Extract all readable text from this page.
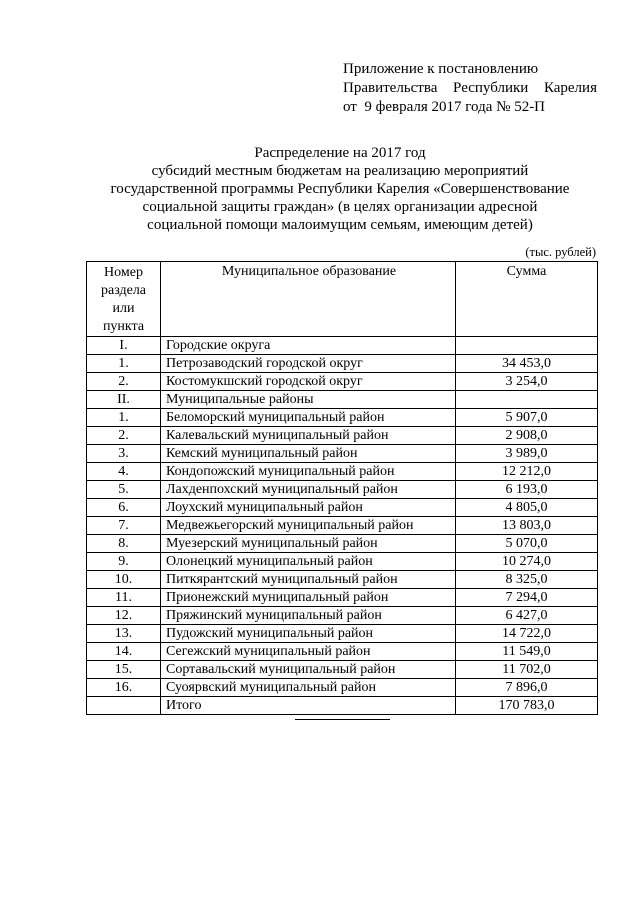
Приложение к постановлению
Правительства Республики Карелия
от  9 февраля 2017 года № 52-П
Распределение на 2017 год
субсидий местным бюджетам на реализацию мероприятий
государственной программы Республики Карелия «Совершенствование
социальной защиты граждан» (в целях организации адресной
социальной помощи малоимущим семьям, имеющим детей)
(тыс. рублей)
Номер
раздела
или
пункта	Муниципальное образование	Сумма
I.	Городские округа	
1.	Петрозаводский городской округ	34 453,0
2.	Костомукшский городской округ	3 254,0
II.	Муниципальные районы	
1.	Беломорский муниципальный район	5 907,0
2.	Калевальский муниципальный район	2 908,0
3.	Кемский муниципальный район	3 989,0
4.	Кондопожский муниципальный район	12 212,0
5.	Лахденпохский муниципальный район	6 193,0
6.	Лоухский муниципальный район	4 805,0
7.	Медвежьегорский муниципальный район	13 803,0
8.	Муезерский муниципальный район	5 070,0
9.	Олонецкий муниципальный район	10 274,0
10.	Питкярантский муниципальный район	8 325,0
11.	Прионежский муниципальный район	7 294,0
12.	Пряжинский муниципальный район	6 427,0
13.	Пудожский муниципальный район	14 722,0
14.	Сегежский муниципальный район	11 549,0
15.	Сортавальский муниципальный район	11 702,0
16.	Суоярвский муниципальный район	7 896,0
	Итого	170 783,0
